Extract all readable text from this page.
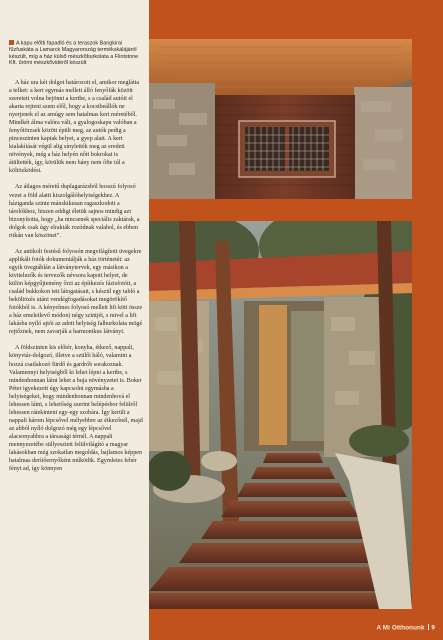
A kapu előtti fapadló és a teraszok Bangkirai fűzfuskáta a Lamarck Magyarország termékskálájáról készült, míg a ház külső mészkőburkolata a Flintstone Kft. űrömi mészkővidéről készült

A ház ura két dolgot határozott el, amikor meglátta a telket: a kert egymás mellett álló fenyőfák között szeretett volna bejönni a kertbe, s a család autóit el akarta rejteni szem elől, hogy a kocsibeállók ne nyerjenek el az amúgy sem hatalmas kert méretéből. Mindkét álma valóra vált, a gyalogoskapu valóban a fenyőtörzsek között épült meg, az autók pedig a pinceszinten kaptak helyet, a gyep alatt. A kert kialakítását végül alig sínylették meg az eredeti növények, még a ház helyén nőtt bokrokat is átültették, így, körülük nem hány nem őfte túl a költözködést.

Az átlagos méretű duplagarázsból hosszú folyosó vezet a föld alatti kiszolgálóhelyiségekhez. A háziganda szinte mánskikusan ragaszkodott a tárolókhoz, hiszen eddigi életük sajnos mindig azt bizonyította, hogy „ha nincsenek speciális zaktárak, a dolgok csak úgy elrakták rozódnak valahol, és ebben ritkán van köszönet”.

Az antikolt festésű folyosón megvilágított üvegekre applikált fotók dokumentálják a ház történetét: az egyik üvegtáblán a látványtervek, egy másikon a kivitelezők és tervezők névsora kapott helyet, de külön képgyűjtemény őrzi az építkezés fázisfotóit, a család bukkokon tett látogatásait, s készül egy tabló a beköltözés utáni vendégfogadásokat megörökítő fotókból is. A kényelmes folyosó mellett lift köti össze a ház emeletlevő módon) négy szintjét, s mivel a lift lakásba nyíló ajtói az adott helyiség falburkolata mögé rejtőznek, nem zavarják a harmonikus látványt.

A földszinten kis előtér, konyha, étkező, nappali, könyvtár-dolgozó, illetve a szülői háló, valamint a hozzá csatlakozó fürdő és gardrób sorakoznak. Valamennyi helyiségből ki lehet lépni a kertbe, s mindenhonnan látni lehet a buja növényzetet is. Boker Péter igyekezett úgy kapcsolni egymásba a helyiségeket, hogy mindenhonnan mindenhová el lehessen látni, s lehetőség szerint belépésbor felülről lehessen rátekinteni egy-egy szobára. Így került a nappali három lépcsővel mélyebbre az étkezőnél, majd az abból nyíló dolgozó még egy lépcsővel alacsonyabbra a társasági térnél. A nappali mennyezetébe süllyesztett felülvilágító a magyar lakásokban még szokatlan megoldás, hajlamos képpen hatalmas derítőernyőként működik. Egymletes fehér fényt ad, így könnyen

A Mi Otthonunk 9
